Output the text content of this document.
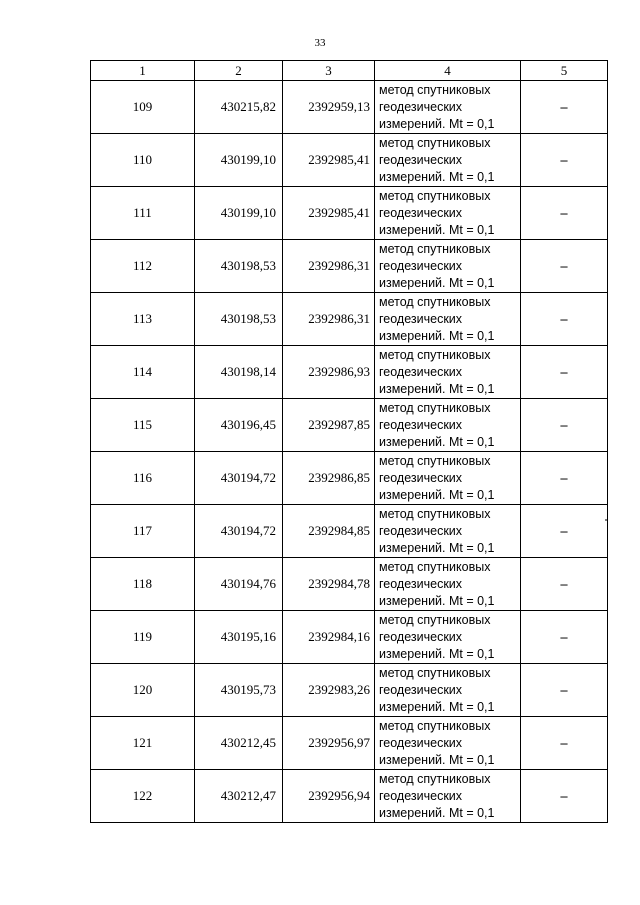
33
1	2	3	4	5
109	430215,82	2392959,13	метод спутниковых
геодезических
измерений. Mt = 0,1	–
110	430199,10	2392985,41	метод спутниковых
геодезических
измерений. Mt = 0,1	–
111	430199,10	2392985,41	метод спутниковых
геодезических
измерений. Mt = 0,1	–
112	430198,53	2392986,31	метод спутниковых
геодезических
измерений. Mt = 0,1	–
113	430198,53	2392986,31	метод спутниковых
геодезических
измерений. Mt = 0,1	–
114	430198,14	2392986,93	метод спутниковых
геодезических
измерений. Mt = 0,1	–
115	430196,45	2392987,85	метод спутниковых
геодезических
измерений. Mt = 0,1	–
116	430194,72	2392986,85	метод спутниковых
геодезических
измерений. Mt = 0,1	–
117	430194,72	2392984,85	метод спутниковых
геодезических
измерений. Mt = 0,1	–
118	430194,76	2392984,78	метод спутниковых
геодезических
измерений. Mt = 0,1	–
119	430195,16	2392984,16	метод спутниковых
геодезических
измерений. Mt = 0,1	–
120	430195,73	2392983,26	метод спутниковых
геодезических
измерений. Mt = 0,1	–
121	430212,45	2392956,97	метод спутниковых
геодезических
измерений. Mt = 0,1	–
122	430212,47	2392956,94	метод спутниковых
геодезических
измерений. Mt = 0,1	–
